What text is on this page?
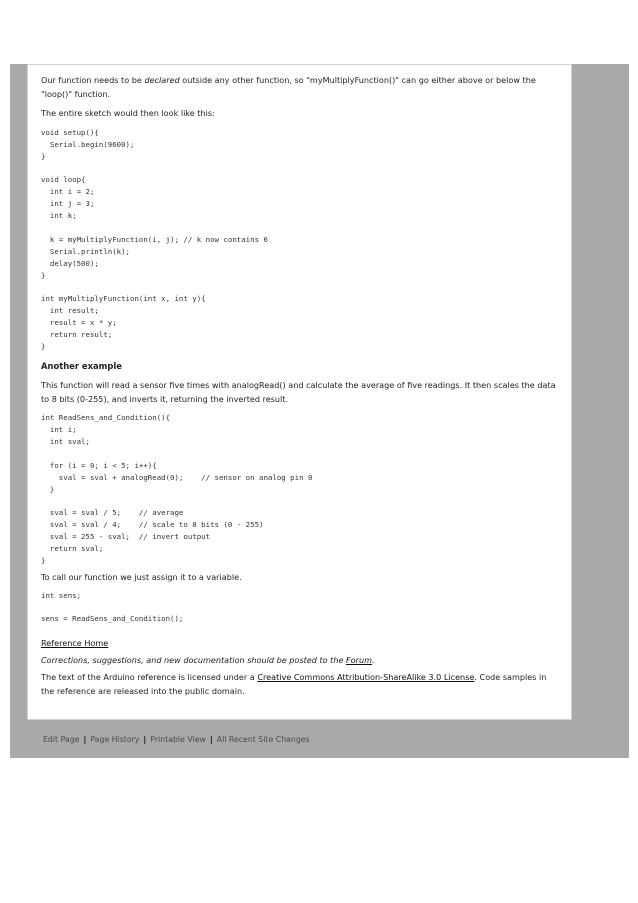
Our function needs to be declared outside any other function, so "myMultiplyFunction()" can go either above or below the "loop()" function.

The entire sketch would then look like this:

void setup(){
Serial.begin(9600);
}

void loop{
int i = 2;
int j = 3;
int k;

k = myMultiplyFunction(i, j); // k now contains 6
Serial.println(k);
delay(500);
}

int myMultiplyFunction(int x, int y){
int result;
result = x * y;
return result;
}
Another example

This function will read a sensor five times with analogRead() and calculate the average of five readings. It then scales the data to 8 bits (0-255), and inverts it, returning the inverted result.

int ReadSens_and_Condition(){
int i;
int sval;

for (i = 0; i < 5; i++){
sval = sval + analogRead(0);    // sensor on analog pin 0
}

sval = sval / 5;    // average
sval = sval / 4;    // scale to 8 bits (0 - 255)
sval = 255 - sval;  // invert output
return sval;
}

To call our function we just assign it to a variable.

int sens;

sens = ReadSens_and_Condition();

Reference Home

Corrections, suggestions, and new documentation should be posted to the Forum.

The text of the Arduino reference is licensed under a Creative Commons Attribution-ShareAlike 3.0 License. Code samples in the reference are released into the public domain.

Edit Page | Page History | Printable View | All Recent Site Changes
